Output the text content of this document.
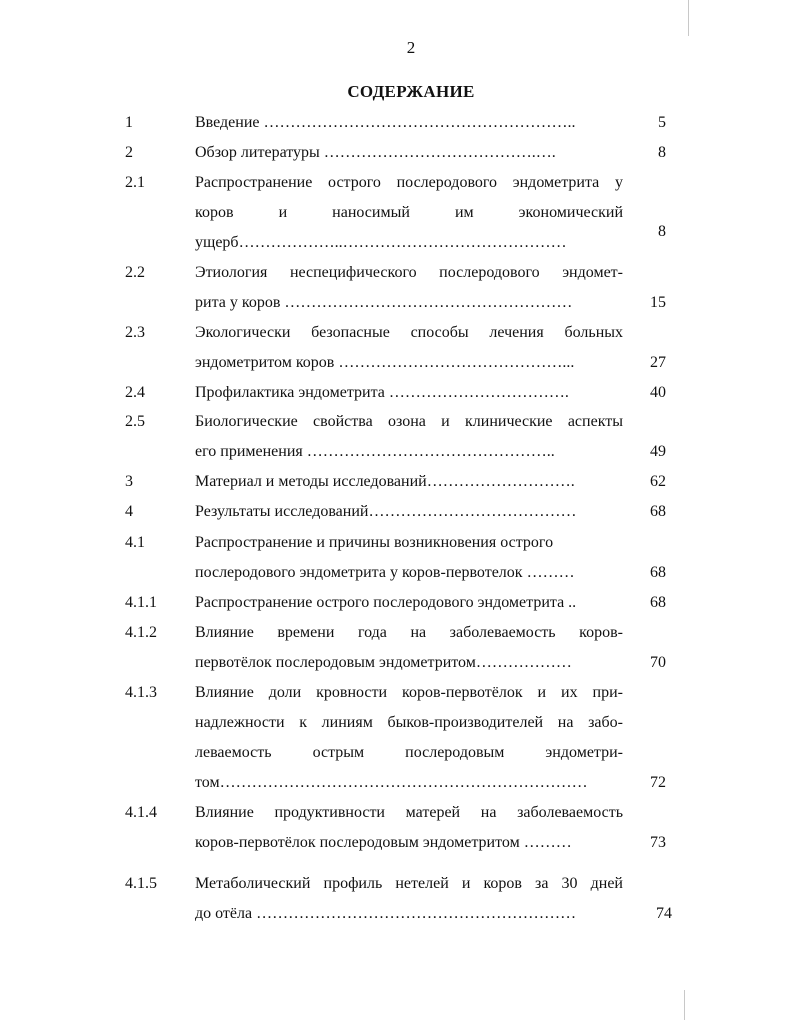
2
СОДЕРЖАНИЕ
1	Введение …………………………………………………..	5
2	Обзор литературы ………………………………….….	8
2.1	Распространение острого послеродового эндометрита у
коров и наносимый им экономический
ущерб………………..……………………………………
8
2.2	Этиология неспецифического послеродового эндомет-
рита у коров ………………………………………………	15
2.3	Экологически безопасные способы лечения больных
эндометритом коров ……………………………………...	27
2.4	Профилактика эндометрита …………………………….	40
2.5	Биологические свойства озона и клинические аспекты
его применения ………………………………………..	49
3	Материал и методы исследований……………………….	62
4	Результаты исследований…………………………………	68
4.1	Распространение и причины возникновения острого
послеродового эндометрита у коров-первотелок ………	68
4.1.1 Распространение острого послеродового эндометрита ..	68
4.1.2 Влияние времени года на заболеваемость коров-
первотёлок послеродовым эндометритом………………	70
4.1.3 Влияние доли кровности коров-первотёлок и их при-
надлежности к линиям быков-производителей на забо-
леваемость острым послеродовым эндометри-
том……………………………………………………………	72
4.1.4 Влияние продуктивности матерей на заболеваемость
коров-первотёлок послеродовым эндометритом ………	73
4.1.5 Метаболический профиль нетелей и коров за 30 дней
до отёла ……………………………………………………	74
